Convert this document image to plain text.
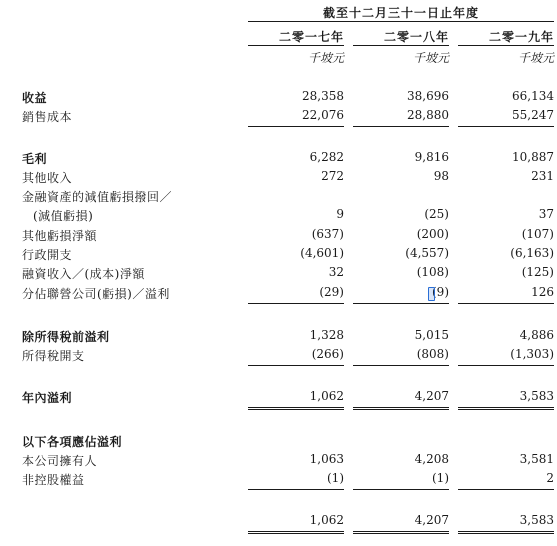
截至十二月三十一日止年度
二零一七年	二零一八年	二零一九年
千坡元	千坡元	千坡元
收益	28,358	38,696	66,134
銷售成本	22,076	28,880	55,247
毛利	6,282	9,816	10,887
其他收入	272	98	231
金融資產的減值虧損撥回／
(減值虧損)	9	(25)	37
其他虧損淨額	(637)	(200)	(107)
行政開支	(4,601)	(4,557)	(6,163)
融資收入／(成本)淨額	32	(108)	(125)
分佔聯營公司(虧損)／溢利	(29)	(9)	126
除所得稅前溢利	1,328	5,015	4,886
所得稅開支	(266)	(808)	(1,303)
年內溢利	1,062	4,207	3,583
以下各項應佔溢利
本公司擁有人	1,063	4,208	3,581
非控股權益	(1)	(1)	2
1,062	4,207	3,583
